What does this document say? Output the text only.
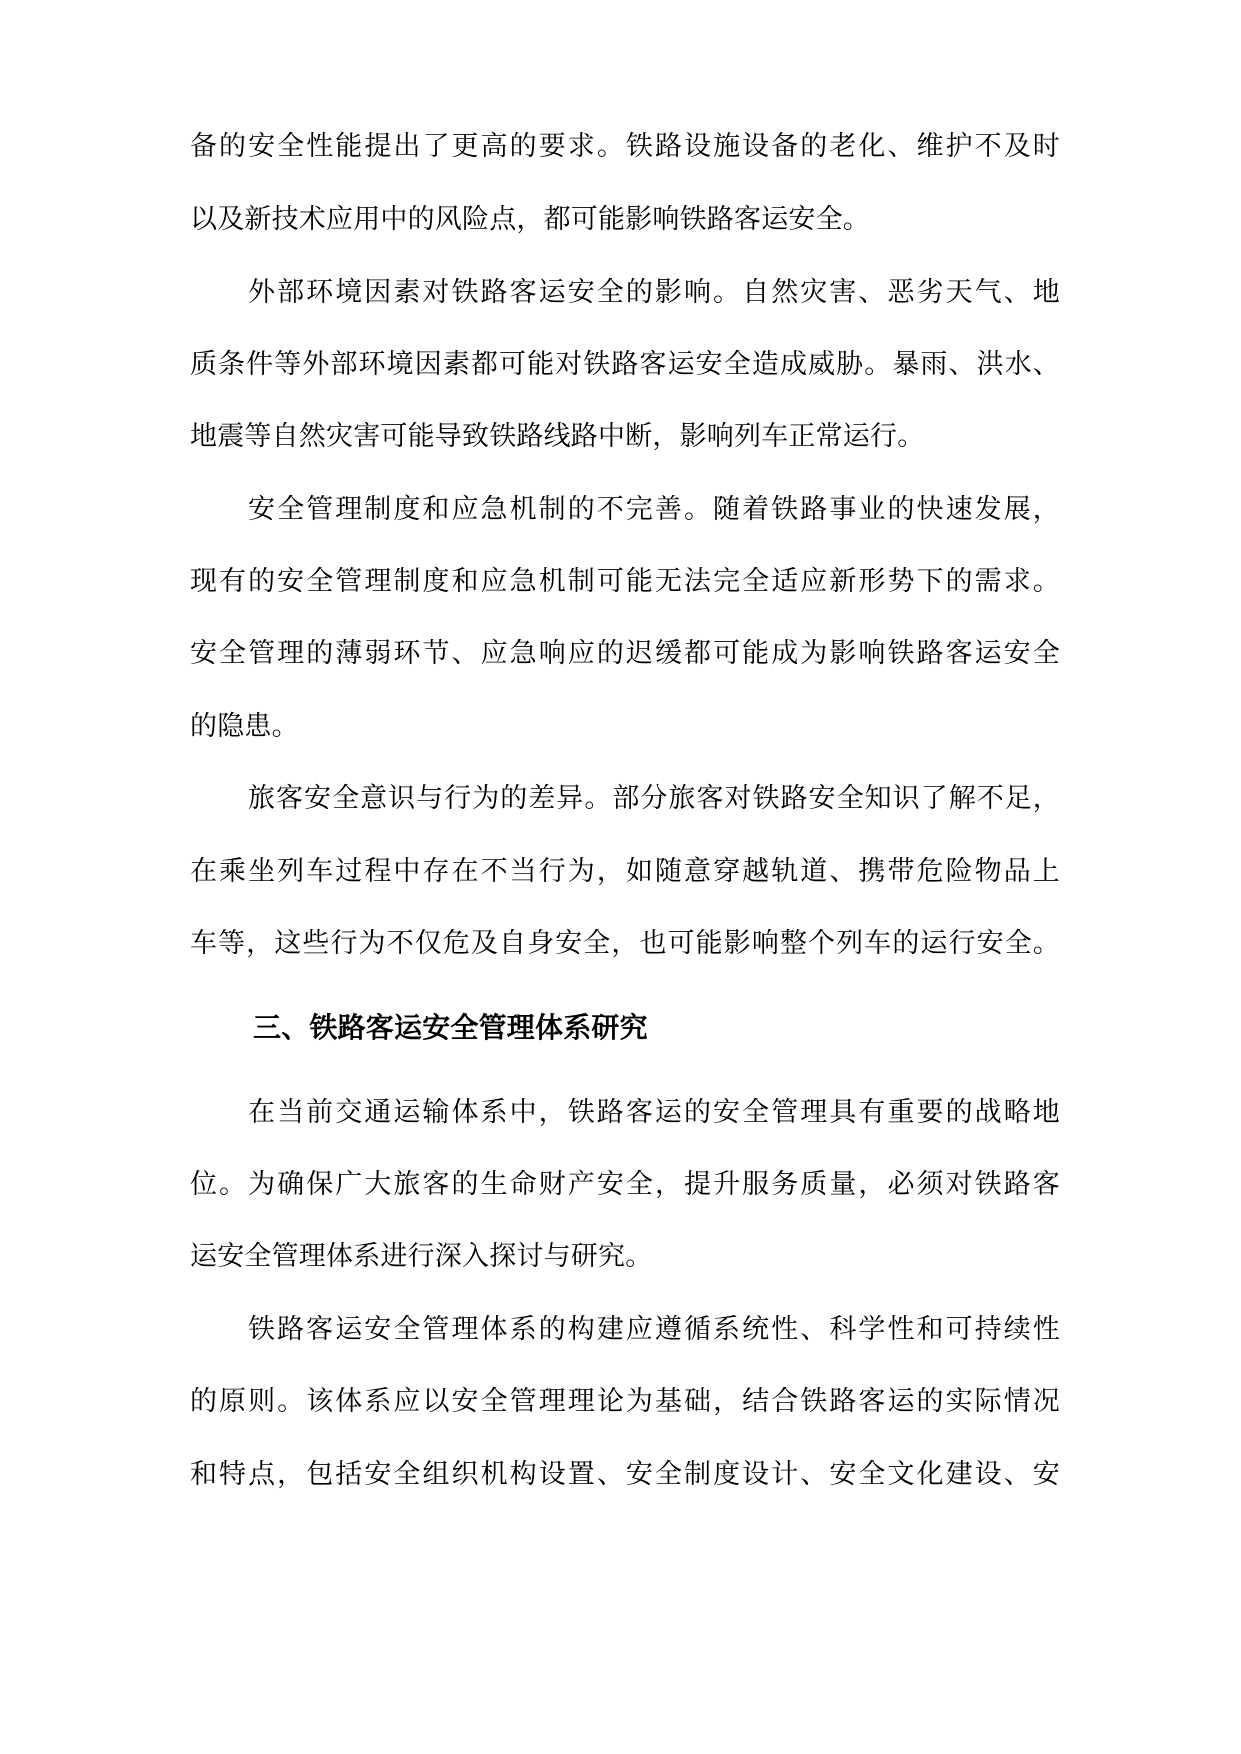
备的安全性能提出了更高的要求。铁路设施设备的老化、维护不及时
以及新技术应用中的风险点，都可能影响铁路客运安全。
外部环境因素对铁路客运安全的影响。自然灾害、恶劣天气、地
质条件等外部环境因素都可能对铁路客运安全造成威胁。暴雨、洪水、
地震等自然灾害可能导致铁路线路中断，影响列车正常运行。
安全管理制度和应急机制的不完善。随着铁路事业的快速发展，
现有的安全管理制度和应急机制可能无法完全适应新形势下的需求。
安全管理的薄弱环节、应急响应的迟缓都可能成为影响铁路客运安全
的隐患。
旅客安全意识与行为的差异。部分旅客对铁路安全知识了解不足，
在乘坐列车过程中存在不当行为，如随意穿越轨道、携带危险物品上
车等，这些行为不仅危及自身安全，也可能影响整个列车的运行安全。
三、铁路客运安全管理体系研究
在当前交通运输体系中，铁路客运的安全管理具有重要的战略地
位。为确保广大旅客的生命财产安全，提升服务质量，必须对铁路客
运安全管理体系进行深入探讨与研究。
铁路客运安全管理体系的构建应遵循系统性、科学性和可持续性
的原则。该体系应以安全管理理论为基础，结合铁路客运的实际情况
和特点，包括安全组织机构设置、安全制度设计、安全文化建设、安
